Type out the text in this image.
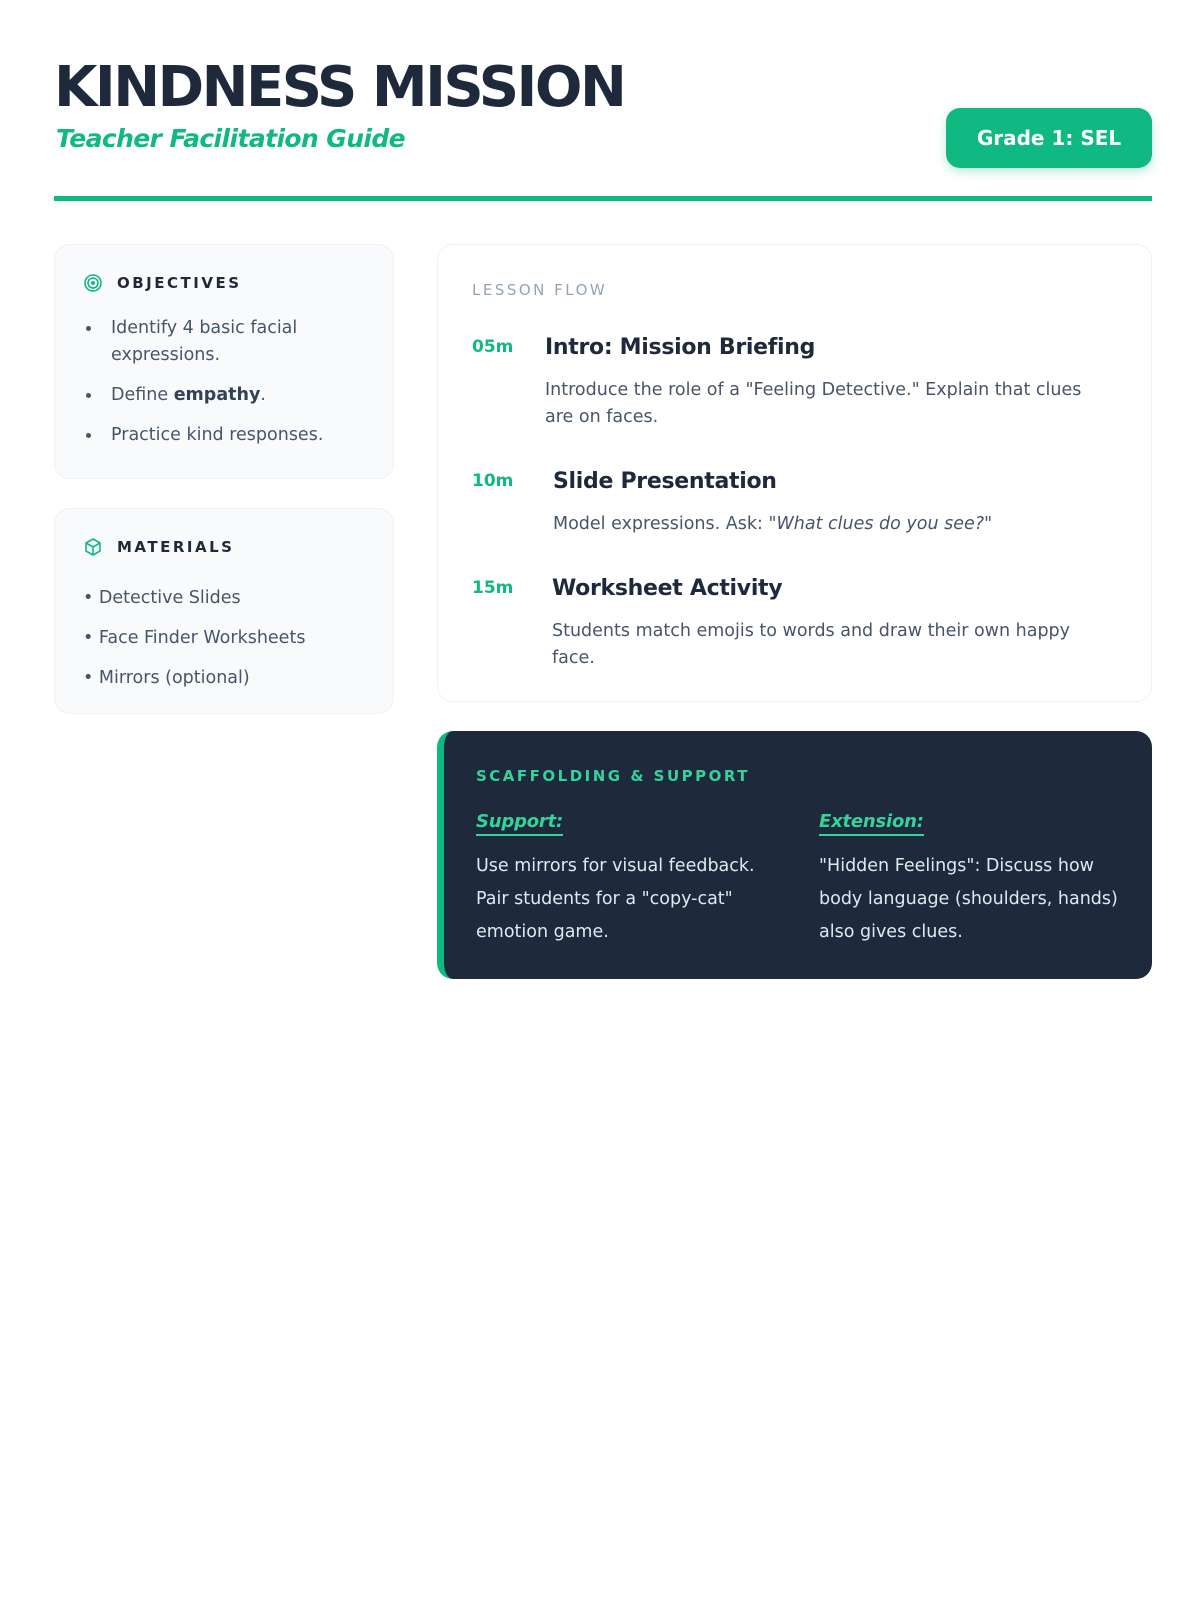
KINDNESS MISSION
Teacher Facilitation Guide	Grade 1: SEL
OBJECTIVES
Identify 4 basic facial expressions.
Define empathy.
Practice kind responses.
MATERIALS
• Detective Slides
• Face Finder Worksheets
• Mirrors (optional)
LESSON FLOW
05m Intro: Mission Briefing

Introduce the role of a "Feeling Detective." Explain that clues are on faces.

10m Slide Presentation

Model expressions. Ask: "What clues do you see?"

15m Worksheet Activity

Students match emojis to words and draw their own happy face.

SCAFFOLDING & SUPPORT
Support:

Use mirrors for visual feedback. Pair students for a "copy-cat" emotion game.

Extension:

"Hidden Feelings": Discuss how body language (shoulders, hands) also gives clues.
